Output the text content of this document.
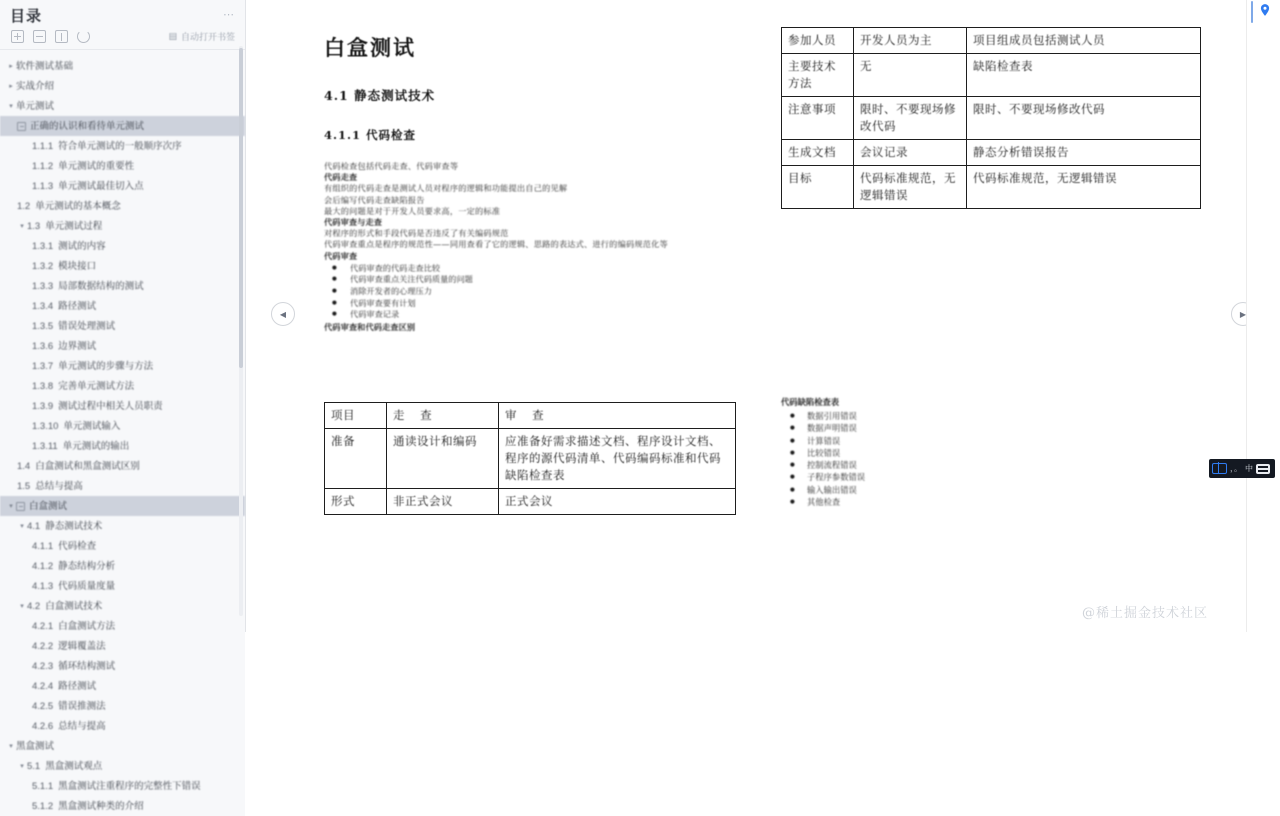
目录	⋯
▤ 自动打开书签
▸ 软件测试基础
▸ 实战介绍
▾ 单元测试
正确的认识和看待单元测试
1.1.1 符合单元测试的一般顺序次序
1.1.2 单元测试的重要性
1.1.3 单元测试最佳切入点
1.2 单元测试的基本概念
▾ 1.3 单元测试过程
1.3.1 测试的内容
1.3.2 模块接口
1.3.3 局部数据结构的测试
1.3.4 路径测试
1.3.5 错误处理测试
1.3.6 边界测试
1.3.7 单元测试的步骤与方法
1.3.8 完善单元测试方法
1.3.9 测试过程中相关人员职责
1.3.10 单元测试输入
1.3.11 单元测试的输出
1.4 白盒测试和黑盒测试区别
1.5 总结与提高
▾	白盒测试
▾ 4.1 静态测试技术
4.1.1 代码检查
4.1.2 静态结构分析
4.1.3 代码质量度量
▾ 4.2 白盒测试技术
4.2.1 白盒测试方法
4.2.2 逻辑覆盖法
4.2.3 循环结构测试
4.2.4 路径测试
4.2.5 错误推测法
4.2.6 总结与提高
▾ 黑盒测试
▾ 5.1 黑盒测试观点
5.1.1 黑盒测试注重程序的完整性下错误
5.1.2 黑盒测试种类的介绍
白盒测试
4.1 静态测试技术
4.1.1 代码检查

代码检查包括代码走查、代码审查等

代码走查

有组织的代码走查是测试人员对程序的逻辑和功能提出自己的见解

会后编写代码走查缺陷报告

最大的问题是对于开发人员要求高，一定的标准

代码审查与走查

对程序的形式和手段代码是否违反了有关编码规范

代码审查重点是程序的规范性——同用查看了它的逻辑、思路的表达式、进行的编码规范化等

代码审查

● 代码审查的代码走查比较
● 代码审查重点关注代码质量的问题
● 消除开发者的心理压力
● 代码审查要有计划
● 代码审查记录

代码审查和代码走查区别

项目	走 查	审 查
准备	通读设计和编码	应准备好需求描述文档、程序设计文档、程序的源代码清单、代码编码标准和代码缺陷检查表
形式	非正式会议	正式会议
参加人员	开发人员为主	项目组成员包括测试人员
主要技术方法	无	缺陷检查表
注意事项	限时、不要现场修改代码	限时、不要现场修改代码
生成文档	会议记录	静态分析错误报告
目标	代码标准规范，无逻辑错误	代码标准规范，无逻辑错误
代码缺陷检查表
● 数据引用错误
● 数据声明错误
● 计算错误
● 比较错误
● 控制流程错误
● 子程序参数错误
● 输入输出错误
● 其他检查
◀	▶
，。 中
@稀土掘金技术社区
